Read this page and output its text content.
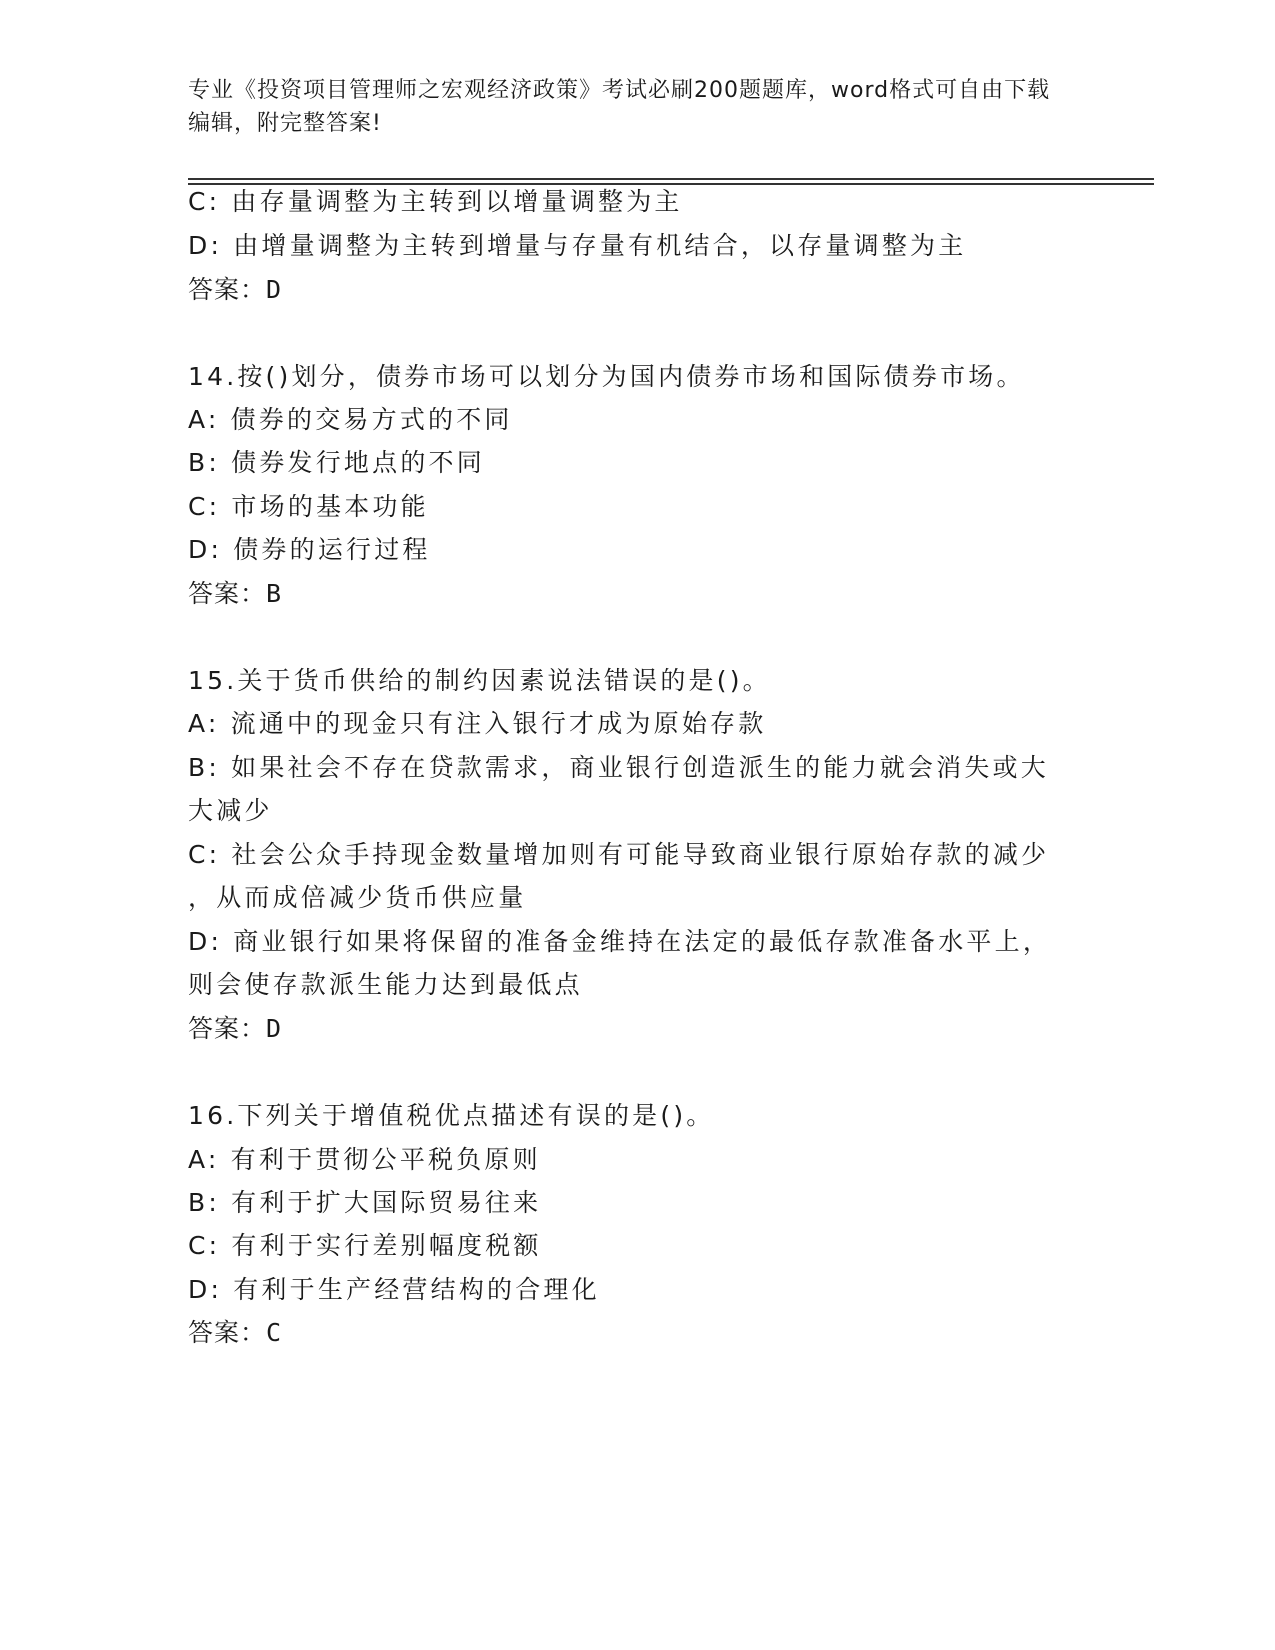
专业《投资项目管理师之宏观经济政策》考试必刷200题题库，word格式可自由下载编辑，附完整答案!
C: 由存量调整为主转到以增量调整为主
D: 由增量调整为主转到增量与存量有机结合，以存量调整为主
答案：D
14.按()划分，债券市场可以划分为国内债券市场和国际债券市场。
A: 债券的交易方式的不同
B: 债券发行地点的不同
C: 市场的基本功能
D: 债券的运行过程
答案：B
15.关于货币供给的制约因素说法错误的是()。
A: 流通中的现金只有注入银行才成为原始存款
B: 如果社会不存在贷款需求，商业银行创造派生的能力就会消失或大
大减少
C: 社会公众手持现金数量增加则有可能导致商业银行原始存款的减少
，从而成倍减少货币供应量
D: 商业银行如果将保留的准备金维持在法定的最低存款准备水平上，
则会使存款派生能力达到最低点
答案：D
16.下列关于增值税优点描述有误的是()。
A: 有利于贯彻公平税负原则
B: 有利于扩大国际贸易往来
C: 有利于实行差别幅度税额
D: 有利于生产经营结构的合理化
答案：C
